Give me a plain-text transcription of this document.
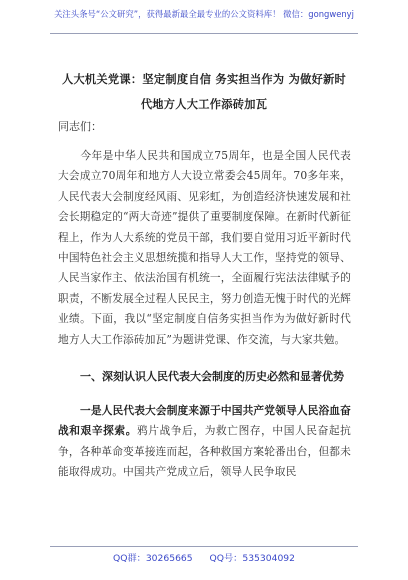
关注头条号“公文研究”，获得最新最全最专业的公文资料库！ 微信：gongwenyj
人大机关党课：坚定制度自信 务实担当作为 为做好新时
代地方人大工作添砖加瓦
同志们：
今年是中华人民共和国成立75周年，也是全国人民代表大会成立70周年和地方人大设立常委会45周年。70多年来，人民代表大会制度经风雨、见彩虹，为创造经济快速发展和社会长期稳定的“两大奇迹”提供了重要制度保障。在新时代新征程上，作为人大系统的党员干部，我们要自觉用习近平新时代中国特色社会主义思想统揽和指导人大工作，坚持党的领导、人民当家作主、依法治国有机统一，全面履行宪法法律赋予的职责，不断发展全过程人民民主，努力创造无愧于时代的光辉业绩。下面，我以“坚定制度自信务实担当作为为做好新时代地方人大工作添砖加瓦”为题讲党课、作交流，与大家共勉。
一、深刻认识人民代表大会制度的历史必然和显著优势
一是人民代表大会制度来源于中国共产党领导人民浴血奋战和艰辛探索。鸦片战争后，为救亡图存，中国人民奋起抗争，各种革命变革接连而起，各种救国方案轮番出台，但都未能取得成功。中国共产党成立后，领导人民争取民
QQ群：30265665 QQ号：535304092
